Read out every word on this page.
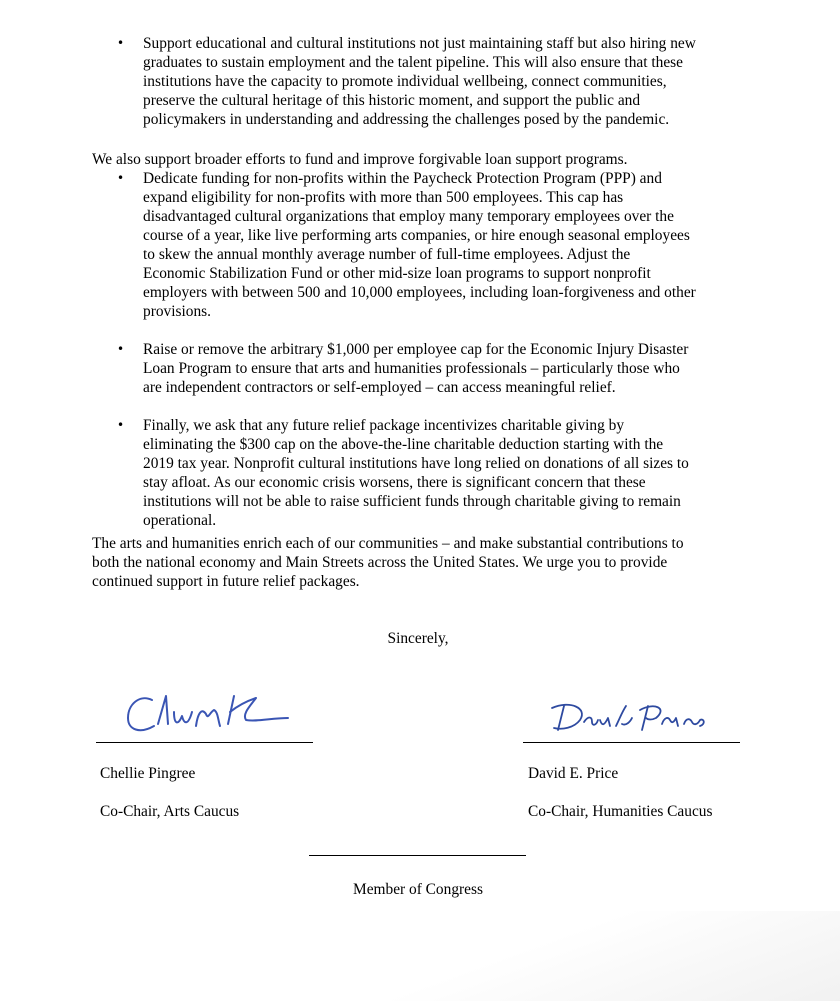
• Support educational and cultural institutions not just maintaining staff but also hiring new
graduates to sustain employment and the talent pipeline. This will also ensure that these
institutions have the capacity to promote individual wellbeing, connect communities,
preserve the cultural heritage of this historic moment, and support the public and
policymakers in understanding and addressing the challenges posed by the pandemic.

We also support broader efforts to fund and improve forgivable loan support programs.

• Dedicate funding for non-profits within the Paycheck Protection Program (PPP) and
expand eligibility for non-profits with more than 500 employees. This cap has
disadvantaged cultural organizations that employ many temporary employees over the
course of a year, like live performing arts companies, or hire enough seasonal employees
to skew the annual monthly average number of full-time employees. Adjust the
Economic Stabilization Fund or other mid-size loan programs to support nonprofit
employers with between 500 and 10,000 employees, including loan-forgiveness and other
provisions.
• Raise or remove the arbitrary $1,000 per employee cap for the Economic Injury Disaster
Loan Program to ensure that arts and humanities professionals – particularly those who
are independent contractors or self-employed – can access meaningful relief.
• Finally, we ask that any future relief package incentivizes charitable giving by
eliminating the $300 cap on the above-the-line charitable deduction starting with the
2019 tax year. Nonprofit cultural institutions have long relied on donations of all sizes to
stay afloat. As our economic crisis worsens, there is significant concern that these
institutions will not be able to raise sufficient funds through charitable giving to remain
operational.

The arts and humanities enrich each of our communities – and make substantial contributions to
both the national economy and Main Streets across the United States. We urge you to provide
continued support in future relief packages.

Sincerely,

Chellie Pingree

Co-Chair, Arts Caucus

David E. Price

Co-Chair, Humanities Caucus

Member of Congress
